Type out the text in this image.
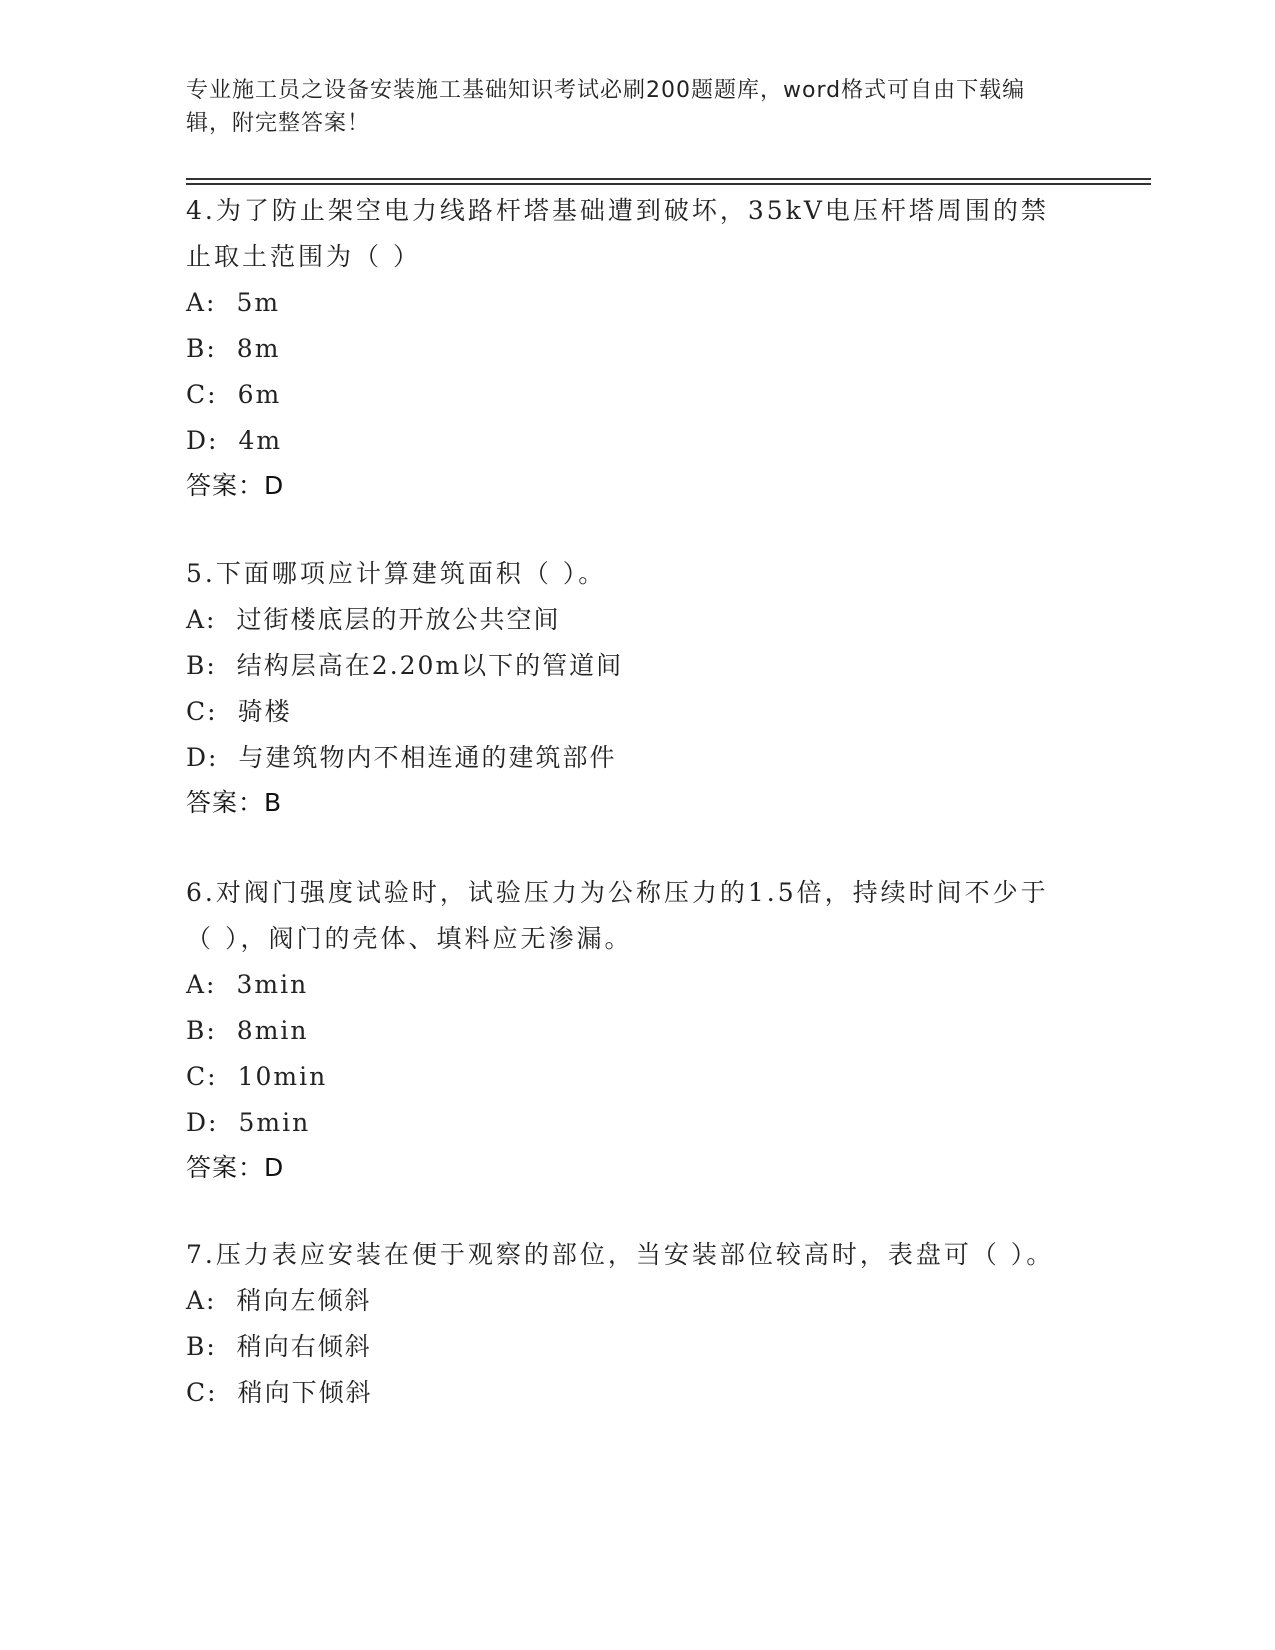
专业施工员之设备安装施工基础知识考试必刷200题题库，word格式可自由下载编辑，附完整答案！
4.为了防止架空电力线路杆塔基础遭到破坏，35kV电压杆塔周围的禁止取土范围为（ ）
A: 5m
B: 8m
C: 6m
D: 4m
答案：D
5.下面哪项应计算建筑面积（ ）。
A: 过街楼底层的开放公共空间
B: 结构层高在2.20m以下的管道间
C: 骑楼
D: 与建筑物内不相连通的建筑部件
答案：B
6.对阀门强度试验时，试验压力为公称压力的1.5倍，持续时间不少于（ ），阀门的壳体、填料应无渗漏。
A: 3min
B: 8min
C: 10min
D: 5min
答案：D
7.压力表应安装在便于观察的部位，当安装部位较高时，表盘可（ ）。
A: 稍向左倾斜
B: 稍向右倾斜
C: 稍向下倾斜
